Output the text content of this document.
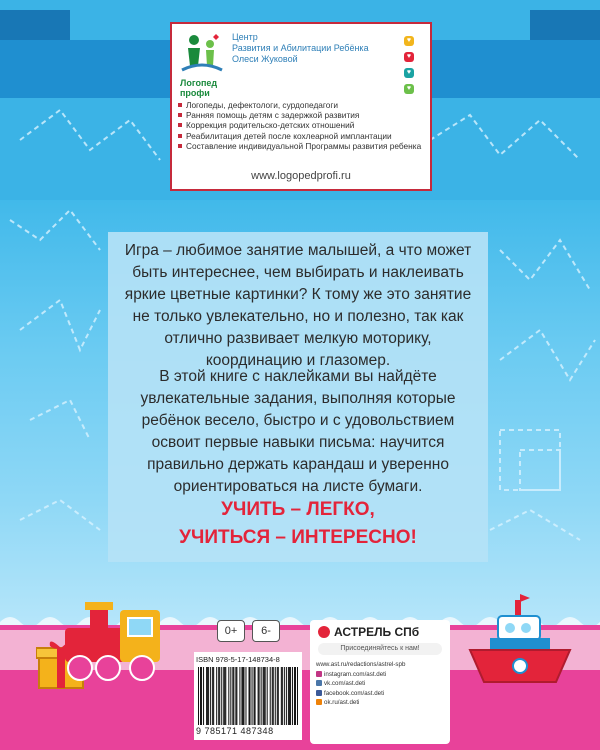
Логопед
профи
Центр
Развития и Абилитации Ребёнка
Олеси Жуковой
♥
♥
♥
♥
Логопеды, дефектологи, сурдопедагоги
Ранняя помощь детям с задержкой развития
Коррекция родительско-детских отношений
Реабилитация детей после кохлеарной имплантации
Составление индивидуальной Программы развития ребенка
www.logopedprofi.ru
Игра – любимое занятие малышей, а что может быть интереснее, чем выбирать и наклеивать яркие цветные картинки? К тому же это занятие не только увлекательно, но и полезно, так как отлично развивает мелкую моторику, координацию и глазомер.
В этой книге с наклейками вы найдёте увлекательные задания, выполняя которые ребёнок весело, быстро и с удовольствием освоит первые навыки письма: научится правильно держать карандаш и уверенно ориентироваться на листе бумаги.
УЧИТЬ – ЛЕГКО,
УЧИТЬСЯ – ИНТЕРЕСНО!
0+	6-
ISBN 978-5-17-148734-8
9 785171 487348
АСТРЕЛЬ СПб
Присоединяйтесь к нам!
www.ast.ru/redactions/astrel-spb
instagram.com/ast.deti
vk.com/ast.deti
facebook.com/ast.deti
ok.ru/ast.deti
